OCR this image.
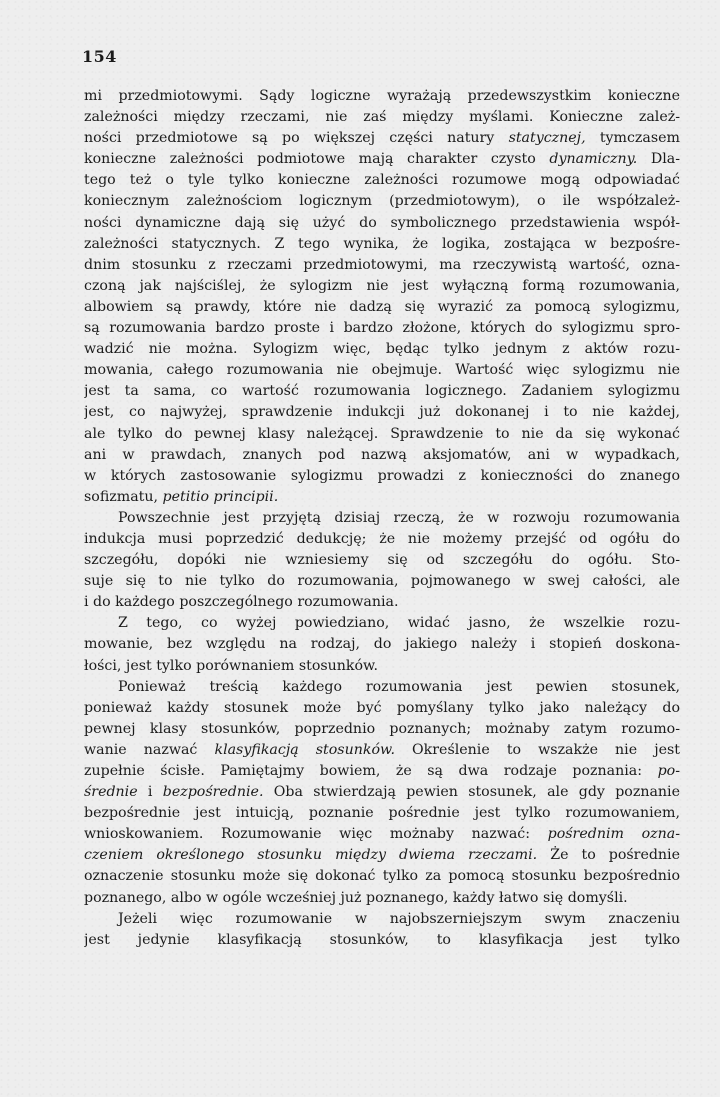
154
mi przedmiotowymi. Sądy logiczne wyrażają przedewszystkim konieczne
zależności między rzeczami, nie zaś między myślami. Konieczne zależ-
ności przedmiotowe są po większej części natury statycznej, tymczasem
konieczne zależności podmiotowe mają charakter czysto dynamiczny. Dla-
tego też o tyle tylko konieczne zależności rozumowe mogą odpowiadać
koniecznym zależnościom logicznym (przedmiotowym), o ile współzależ-
ności dynamiczne dają się użyć do symbolicznego przedstawienia współ-
zależności statycznych. Z tego wynika, że logika, zostająca w bezpośre-
dnim stosunku z rzeczami przedmiotowymi, ma rzeczywistą wartość, ozna-
czoną jak najściślej, że sylogizm nie jest wyłączną formą rozumowania,
albowiem są prawdy, które nie dadzą się wyrazić za pomocą sylogizmu,
są rozumowania bardzo proste i bardzo złożone, których do sylogizmu spro-
wadzić nie można. Sylogizm więc, będąc tylko jednym z aktów rozu-
mowania, całego rozumowania nie obejmuje. Wartość więc sylogizmu nie
jest ta sama, co wartość rozumowania logicznego. Zadaniem sylogizmu
jest, co najwyżej, sprawdzenie indukcji już dokonanej i to nie każdej,
ale tylko do pewnej klasy należącej. Sprawdzenie to nie da się wykonać
ani w prawdach, znanych pod nazwą aksjomatów, ani w wypadkach,
w których zastosowanie sylogizmu prowadzi z konieczności do znanego
sofizmatu, petitio principii.
Powszechnie jest przyjętą dzisiaj rzeczą, że w rozwoju rozumowania
indukcja musi poprzedzić dedukcję; że nie możemy przejść od ogółu do
szczegółu, dopóki nie wzniesiemy się od szczegółu do ogółu. Sto-
suje się to nie tylko do rozumowania, pojmowanego w swej całości, ale
i do każdego poszczególnego rozumowania.
Z tego, co wyżej powiedziano, widać jasno, że wszelkie rozu-
mowanie, bez względu na rodzaj, do jakiego należy i stopień doskona-
łości, jest tylko porównaniem stosunków.
Ponieważ treścią każdego rozumowania jest pewien stosunek,
ponieważ każdy stosunek może być pomyślany tylko jako należący do
pewnej klasy stosunków, poprzednio poznanych; możnaby zatym rozumo-
wanie nazwać klasyfikacją stosunków. Określenie to wszakże nie jest
zupełnie ścisłe. Pamiętajmy bowiem, że są dwa rodzaje poznania: po-
średnie i bezpośrednie. Oba stwierdzają pewien stosunek, ale gdy poznanie
bezpośrednie jest intuicją, poznanie pośrednie jest tylko rozumowaniem,
wnioskowaniem. Rozumowanie więc możnaby nazwać: pośrednim ozna-
czeniem określonego stosunku między dwiema rzeczami. Że to pośrednie
oznaczenie stosunku może się dokonać tylko za pomocą stosunku bezpośrednio
poznanego, albo w ogóle wcześniej już poznanego, każdy łatwo się domyśli.
Jeżeli więc rozumowanie w najobszerniejszym swym znaczeniu
jest jedynie klasyfikacją stosunków, to klasyfikacja jest tylko
